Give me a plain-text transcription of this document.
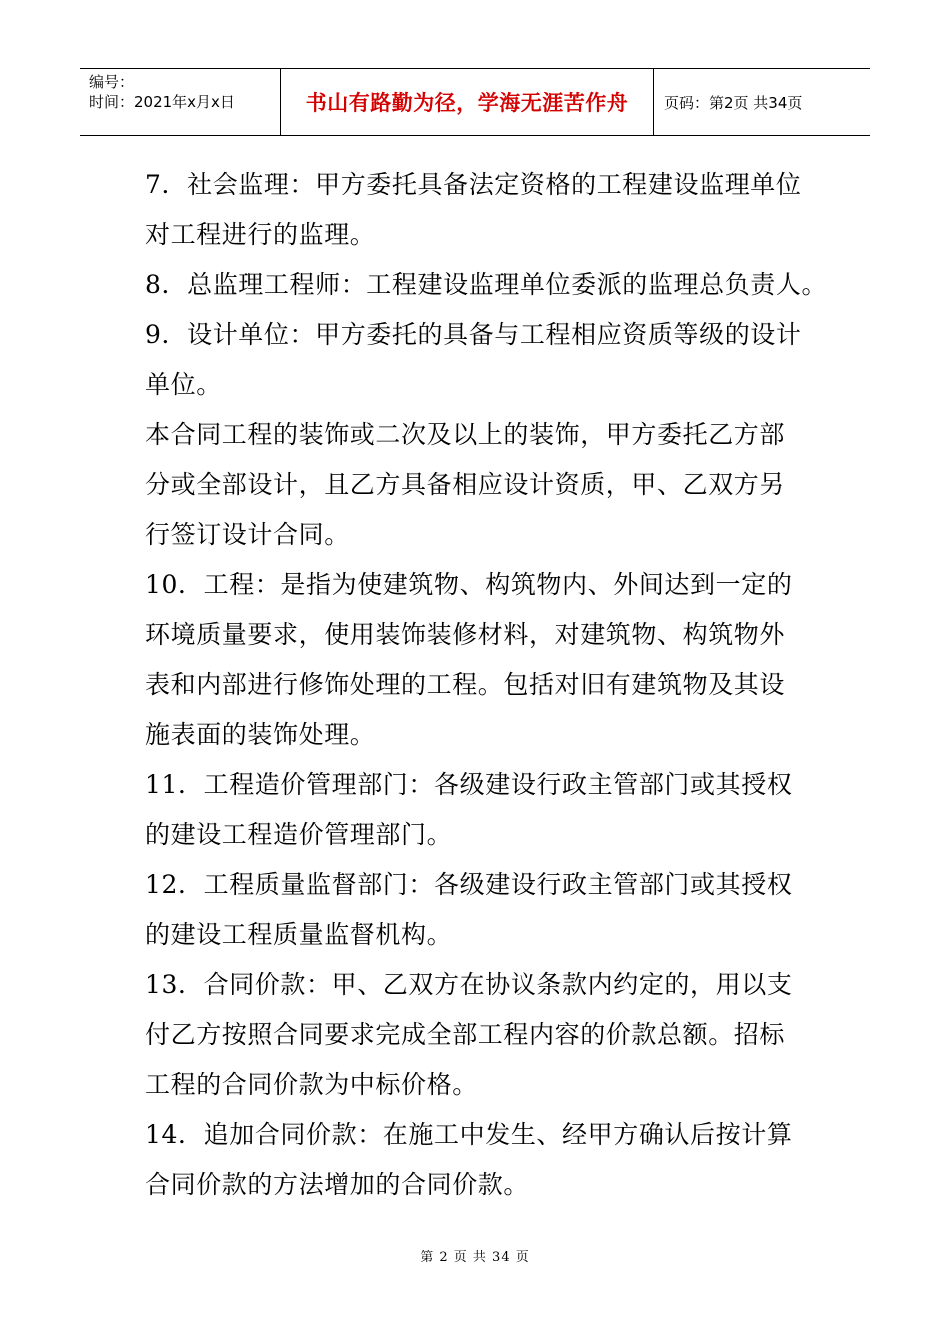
编号：
时间：2021年x月x日	书山有路勤为径，学海无涯苦作舟 页码：第2页 共34页
7．社会监理：甲方委托具备法定资格的工程建设监理单位
对工程进行的监理。
8．总监理工程师：工程建设监理单位委派的监理总负责人。
9．设计单位：甲方委托的具备与工程相应资质等级的设计
单位。
本合同工程的装饰或二次及以上的装饰，甲方委托乙方部
分或全部设计，且乙方具备相应设计资质，甲、乙双方另
行签订设计合同。
10．工程：是指为使建筑物、构筑物内、外间达到一定的
环境质量要求，使用装饰装修材料，对建筑物、构筑物外
表和内部进行修饰处理的工程。包括对旧有建筑物及其设
施表面的装饰处理。
11．工程造价管理部门：各级建设行政主管部门或其授权
的建设工程造价管理部门。
12．工程质量监督部门：各级建设行政主管部门或其授权
的建设工程质量监督机构。
13．合同价款：甲、乙双方在协议条款内约定的，用以支
付乙方按照合同要求完成全部工程内容的价款总额。招标
工程的合同价款为中标价格。
14．追加合同价款：在施工中发生、经甲方确认后按计算
合同价款的方法增加的合同价款。
第 2 页 共 34 页
